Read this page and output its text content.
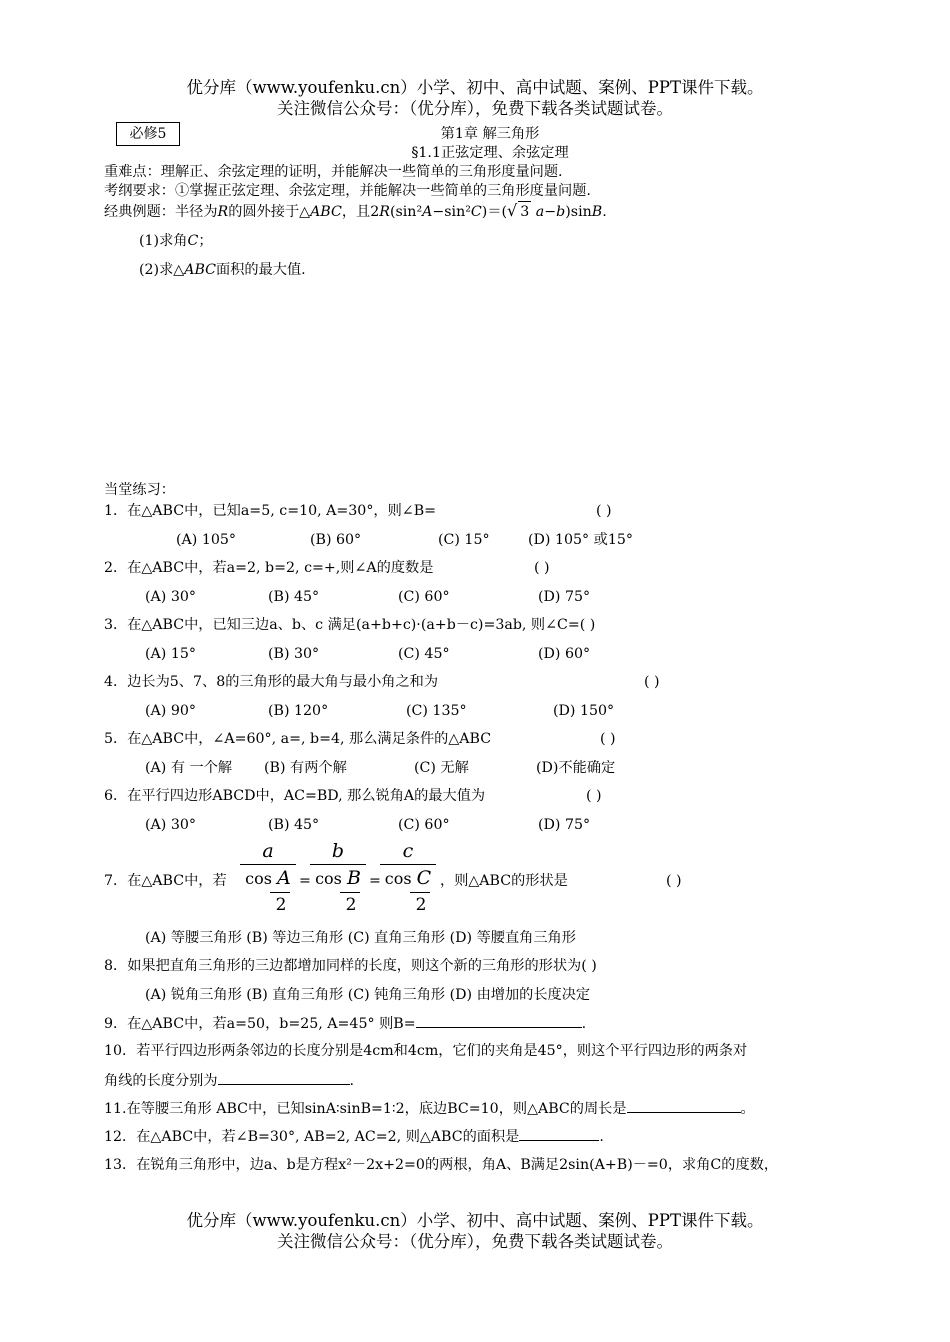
优分库（www.youfenku.cn）小学、初中、高中试题、案例、PPT课件下载。
关注微信公众号：（优分库），免费下载各类试题试卷。
必修5	第1章 解三角形
§1.1正弦定理、余弦定理
重难点：理解正、余弦定理的证明，并能解决一些简单的三角形度量问题.
考纲要求：①掌握正弦定理、余弦定理，并能解决一些简单的三角形度量问题.
经典例题：半径为R的圆外接于△ABC，且2R(sin²A−sin²C)＝(√ 3 a−b)sinB.
(1)求角C；
(2)求△ABC面积的最大值.
当堂练习：
1．在△ABC中，已知a=5, c=10, A=30°，则∠B=	( )
(A) 105°	(B) 60°	(C) 15°	(D) 105° 或15°
2．在△ABC中，若a=2, b=2, c=+,则∠A的度数是	( )
(A) 30°	(B) 45°	(C) 60°	(D) 75°
3．在△ABC中，已知三边a、b、c 满足(a+b+c)·(a+b－c)=3ab, 则∠C=( )
(A) 15°	(B) 30°	(C) 45°	(D) 60°
4．边长为5、7、8的三角形的最大角与最小角之和为	( )
(A) 90°	(B) 120°	(C) 135°	(D) 150°
5．在△ABC中，∠A=60°, a=, b=4, 那么满足条件的△ABC	( )
(A) 有 一个解 (B) 有两个解	(C) 无解	(D)不能确定
6．在平行四边形ABCD中，AC=BD, 那么锐角A的最大值为	( )
(A) 30°	(B) 45°	(C) 60°	(D) 75°
7．在△ABC中，若
a
cos A
2
=
b
cos B
2
=
c
cos C
2
，则△ABC的形状是	( )
(A) 等腰三角形 (B) 等边三角形 (C) 直角三角形 (D) 等腰直角三角形
8．如果把直角三角形的三边都增加同样的长度，则这个新的三角形的形状为( )
(A) 锐角三角形 (B) 直角三角形 (C) 钝角三角形 (D) 由增加的长度决定
9．在△ABC中，若a=50，b=25, A=45° 则B=	.
10．若平行四边形两条邻边的长度分别是4cm和4cm，它们的夹角是45°，则这个平行四边形的两条对
角线的长度分别为	.
11.在等腰三角形 ABC中，已知sinA∶sinB=1∶2，底边BC=10，则△ABC的周长是	。
12．在△ABC中，若∠B=30°, AB=2, AC=2, 则△ABC的面积是	.
13．在锐角三角形中，边a、b是方程x²－2x+2=0的两根，角A、B满足2sin(A+B)－=0，求角C的度数，
优分库（www.youfenku.cn）小学、初中、高中试题、案例、PPT课件下载。
关注微信公众号：（优分库），免费下载各类试题试卷。
